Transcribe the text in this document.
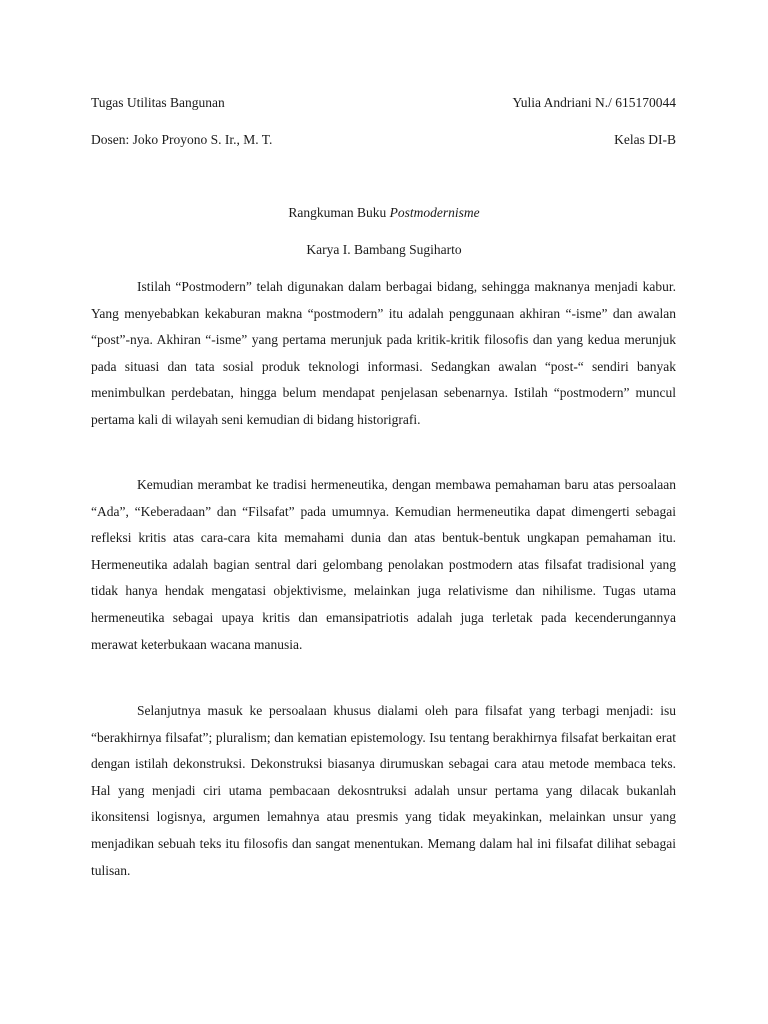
Tugas Utilitas Bangunan	Yulia Andriani N./ 615170044
Dosen: Joko Proyono S. Ir., M. T.	Kelas DI-B
Rangkuman Buku Postmodernisme
Karya I. Bambang Sugiharto

Istilah “Postmodern” telah digunakan dalam berbagai bidang, sehingga maknanya menjadi kabur. Yang menyebabkan kekaburan makna “postmodern” itu adalah penggunaan akhiran “-isme” dan awalan “post”-nya. Akhiran “-isme” yang pertama merunjuk pada kritik-kritik filosofis dan yang kedua merunjuk pada situasi dan tata sosial produk teknologi informasi. Sedangkan awalan “post-“ sendiri banyak menimbulkan perdebatan, hingga belum mendapat penjelasan sebenarnya. Istilah “postmodern” muncul pertama kali di wilayah seni kemudian di bidang historigrafi.

Kemudian merambat ke tradisi hermeneutika, dengan membawa pemahaman baru atas persoalaan “Ada”, “Keberadaan” dan “Filsafat” pada umumnya. Kemudian hermeneutika dapat dimengerti sebagai refleksi kritis atas cara-cara kita memahami dunia dan atas bentuk-bentuk ungkapan pemahaman itu. Hermeneutika adalah bagian sentral dari gelombang penolakan postmodern atas filsafat tradisional yang tidak hanya hendak mengatasi objektivisme, melainkan juga relativisme dan nihilisme. Tugas utama hermeneutika sebagai upaya kritis dan emansipatriotis adalah juga terletak pada kecenderungannya merawat keterbukaan wacana manusia.

Selanjutnya masuk ke persoalaan khusus dialami oleh para filsafat yang terbagi menjadi: isu “berakhirnya filsafat”; pluralism; dan kematian epistemology. Isu tentang berakhirnya filsafat berkaitan erat dengan istilah dekonstruksi. Dekonstruksi biasanya dirumuskan sebagai cara atau metode membaca teks. Hal yang menjadi ciri utama pembacaan dekosntruksi adalah unsur pertama yang dilacak bukanlah ikonsitensi logisnya, argumen lemahnya atau presmis yang tidak meyakinkan, melainkan unsur yang menjadikan sebuah teks itu filosofis dan sangat menentukan. Memang dalam hal ini filsafat dilihat sebagai tulisan.
